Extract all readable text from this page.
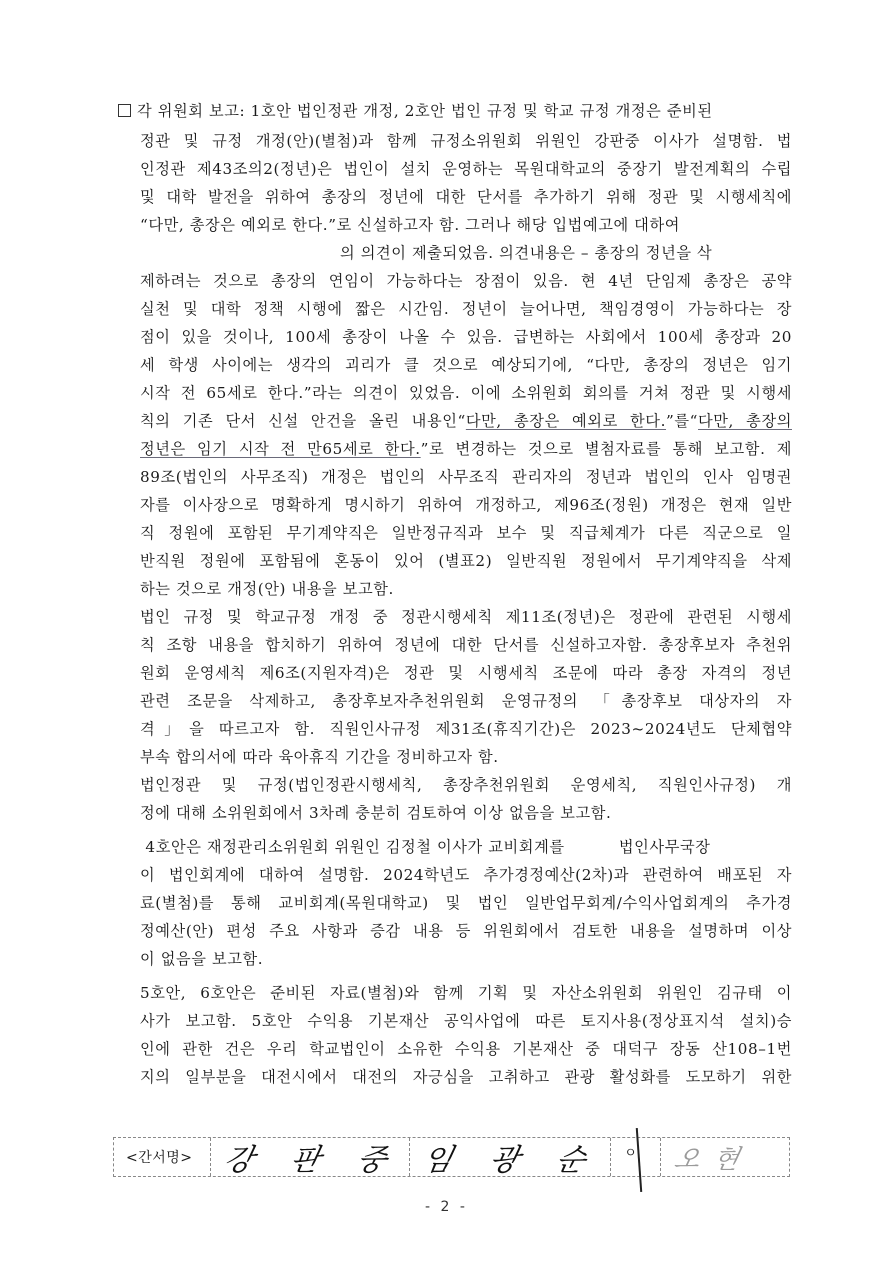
각 위원회 보고: 1호안 법인정관 개정, 2호안 법인 규정 및 학교 규정 개정은 준비된
정관 및 규정 개정(안)(별첨)과 함께 규정소위원회 위원인 강판중 이사가 설명함. 법
인정관 제43조의2(정년)은 법인이 설치 운영하는 목원대학교의 중장기 발전계획의 수립
및 대학 발전을 위하여 총장의 정년에 대한 단서를 추가하기 위해 정관 및 시행세칙에
“다만, 총장은 예외로 한다.”로 신설하고자 함. 그러나 해당 입법예고에 대하여
의 의견이 제출되었음. 의견내용은 – 총장의 정년을 삭
제하려는 것으로 총장의 연임이 가능하다는 장점이 있음. 현 4년 단임제 총장은 공약
실천 및 대학 정책 시행에 짧은 시간임. 정년이 늘어나면, 책임경영이 가능하다는 장
점이 있을 것이나, 100세 총장이 나올 수 있음. 급변하는 사회에서 100세 총장과 20
세 학생 사이에는 생각의 괴리가 클 것으로 예상되기에, “다만, 총장의 정년은 임기
시작 전 65세로 한다.”라는 의견이 있었음. 이에 소위원회 회의를 거쳐 정관 및 시행세
칙의 기존 단서 신설 안건을 올린 내용인“다만, 총장은 예외로 한다.”를“다만, 총장의
정년은 임기 시작 전 만65세로 한다.”로 변경하는 것으로 별첨자료를 통해 보고함. 제
89조(법인의 사무조직) 개정은 법인의 사무조직 관리자의 정년과 법인의 인사 임명권
자를 이사장으로 명확하게 명시하기 위하여 개정하고, 제96조(정원) 개정은 현재 일반
직 정원에 포함된 무기계약직은 일반정규직과 보수 및 직급체계가 다른 직군으로 일
반직원 정원에 포함됨에 혼동이 있어 (별표2) 일반직원 정원에서 무기계약직을 삭제
하는 것으로 개정(안) 내용을 보고함.
법인 규정 및 학교규정 개정 중 정관시행세칙 제11조(정년)은 정관에 관련된 시행세
칙 조항 내용을 합치하기 위하여 정년에 대한 단서를 신설하고자함. 총장후보자 추천위
원회 운영세칙 제6조(지원자격)은 정관 및 시행세칙 조문에 따라 총장 자격의 정년
관련 조문을 삭제하고, 총장후보자추천위원회 운영규정의 「총장후보 대상자의 자
격」을 따르고자 함. 직원인사규정 제31조(휴직기간)은 2023~2024년도 단체협약
부속 합의서에 따라 육아휴직 기간을 정비하고자 함.
법인정관 및 규정(법인정관시행세칙, 총장추천위원회 운영세칙, 직원인사규정) 개
정에 대해 소위원회에서 3차례 충분히 검토하여 이상 없음을 보고함.
4호안은 재정관리소위원회 위원인 김정철 이사가 교비회계를          법인사무국장
이 법인회계에 대하여 설명함. 2024학년도 추가경정예산(2차)과 관련하여 배포된 자
료(별첨)를 통해 교비회계(목원대학교) 및 법인 일반업무회계/수익사업회계의 추가경
정예산(안) 편성 주요 사항과 증감 내용 등 위원회에서 검토한 내용을 설명하며 이상
이 없음을 보고함.
5호안, 6호안은 준비된 자료(별첨)와 함께 기획 및 자산소위원회 위원인 김규태 이
사가 보고함. 5호안 수익용 기본재산 공익사업에 따른 토지사용(정상표지석 설치)승
인에 관한 건은 우리 학교법인이 소유한 수익용 기본재산 중 대덕구 장동 산108–1번
지의 일부분을 대전시에서 대전의 자긍심을 고취하고 관광 활성화를 도모하기 위한
<간서명> 강 판 중 임 광 순 ㅇ	오현
- 2 -
